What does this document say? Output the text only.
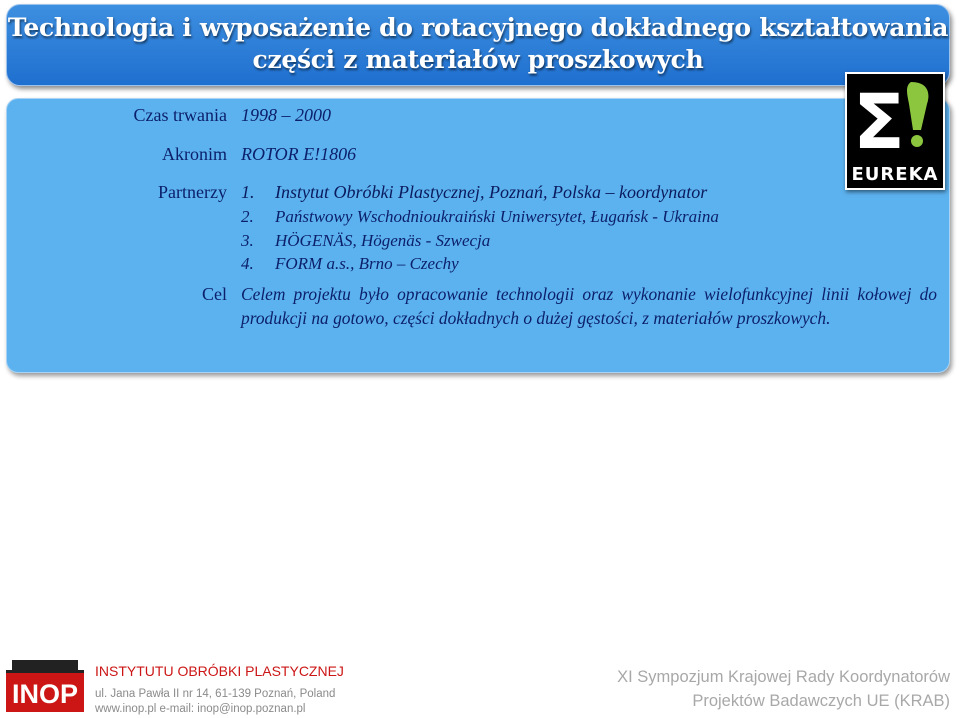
Technologia i wyposażenie do rotacyjnego dokładnego kształtowania
części z materiałów proszkowych
Czas trwania 1998 – 2000
Akronim ROTOR E!1806
Partnerzy 1. Instytut Obróbki Plastycznej, Poznań, Polska – koordynator
2. Państwowy Wschodnioukraiński Uniwersytet, Ługańsk - Ukraina
3. HÖGENÄS, Högenäs - Szwecja
4. FORM a.s., Brno – Czechy
Cel Celem projektu było opracowanie technologii oraz wykonanie wielofunkcyjnej linii kołowej do produkcji na gotowo, części dokładnych o dużej gęstości, z materiałów proszkowych.
Σ
EUREKA
INOP
INSTYTUTU OBRÓBKI PLASTYCZNEJ
ul. Jana Pawła II nr 14, 61-139 Poznań, Poland
www.inop.pl e-mail: inop@inop.poznan.pl
XI Sympozjum Krajowej Rady Koordynatorów
Projektów Badawczych UE (KRAB)
